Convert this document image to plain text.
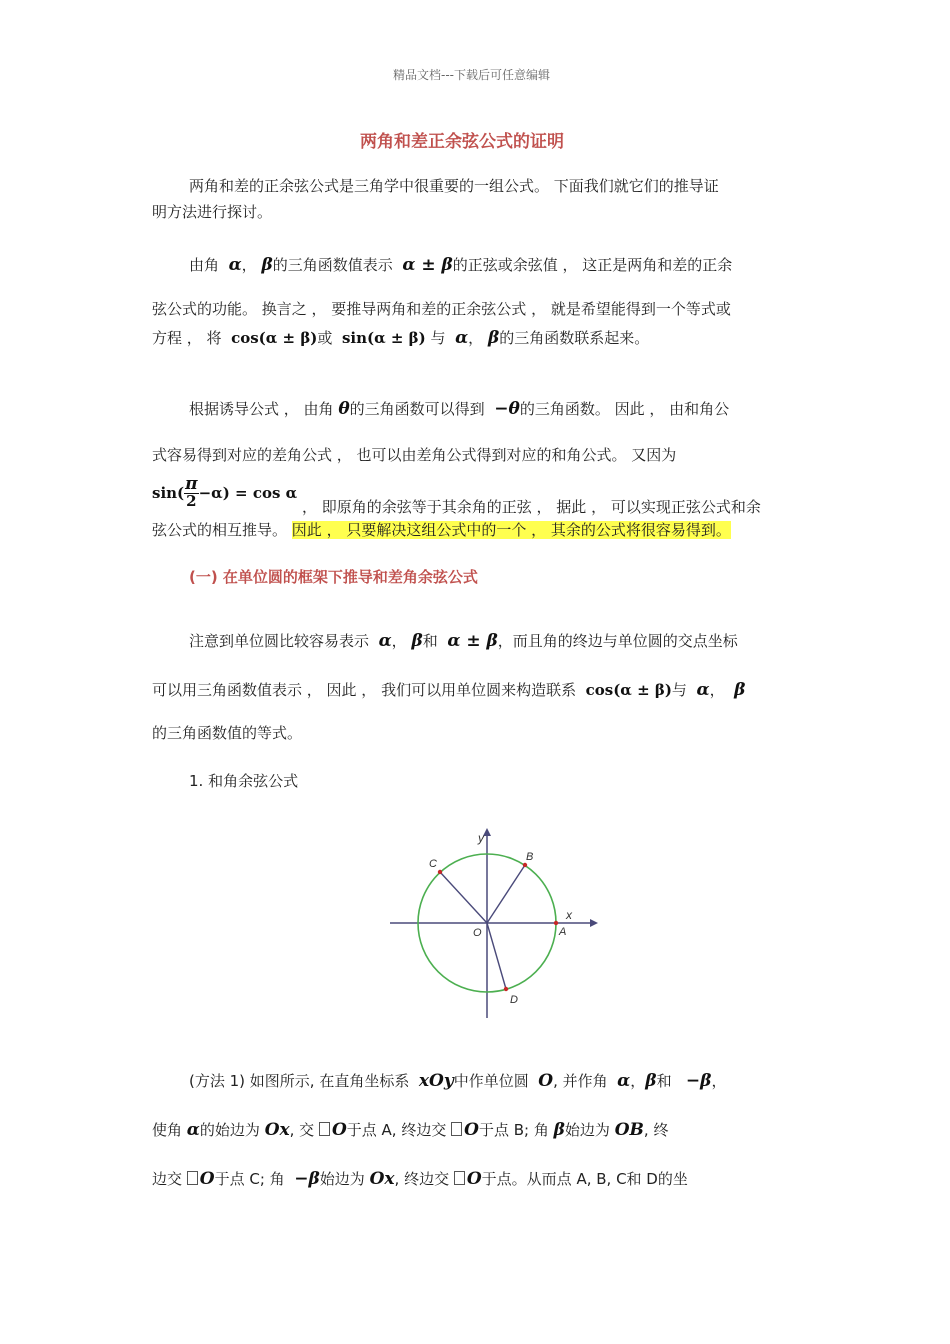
精品文档---下载后可任意编辑
两角和差正余弦公式的证明
两角和差的正余弦公式是三角学中很重要的一组公式。 下面我们就它们的推导证
明方法进行探讨。
由角 α， β的三角函数值表示 α ± β的正弦或余弦值 ， 这正是两角和差的正余
弦公式的功能。 换言之 ， 要推导两角和差的正余弦公式 ， 就是希望能得到一个等式或
方程 ， 将 cos(α ± β)或 sin(α ± β) 与 α， β的三角函数联系起来。
根据诱导公式 ， 由角 θ的三角函数可以得到 −θ的三角函数。 因此 ， 由和角公
式容易得到对应的差角公式 ， 也可以由差角公式得到对应的和角公式。 又因为
$\sin( \frac{\pi}{2} -\alpha) = \cos \alpha$
， 即原角的余弦等于其余角的正弦 ， 据此 ， 可以实现正弦公式和余
弦公式的相互推导。 因此 ， 只要解决这组公式中的一个 ， 其余的公式将很容易得到。
(一) 在单位圆的框架下推导和差角余弦公式
注意到单位圆比较容易表示 α， β和 α ± β，而且角的终边与单位圆的交点坐标
可以用三角函数值表示 ， 因此 ， 我们可以用单位圆来构造联系 cos(α ± β)与 α， β
的三角函数值的等式。
1. 和角余弦公式
y
x
O	A
B
C
D
(方法 1) 如图所示, 在直角坐标系 xOy中作单位圆 O, 并作角 α，β和 −β，
使角 α的始边为 Ox, 交 O于点 A, 终边交 O于点 B; 角 β始边为 OB, 终
边交 O于点 C; 角 −β始边为 Ox, 终边交 O于点。从而点 A, B, C和 D的坐
